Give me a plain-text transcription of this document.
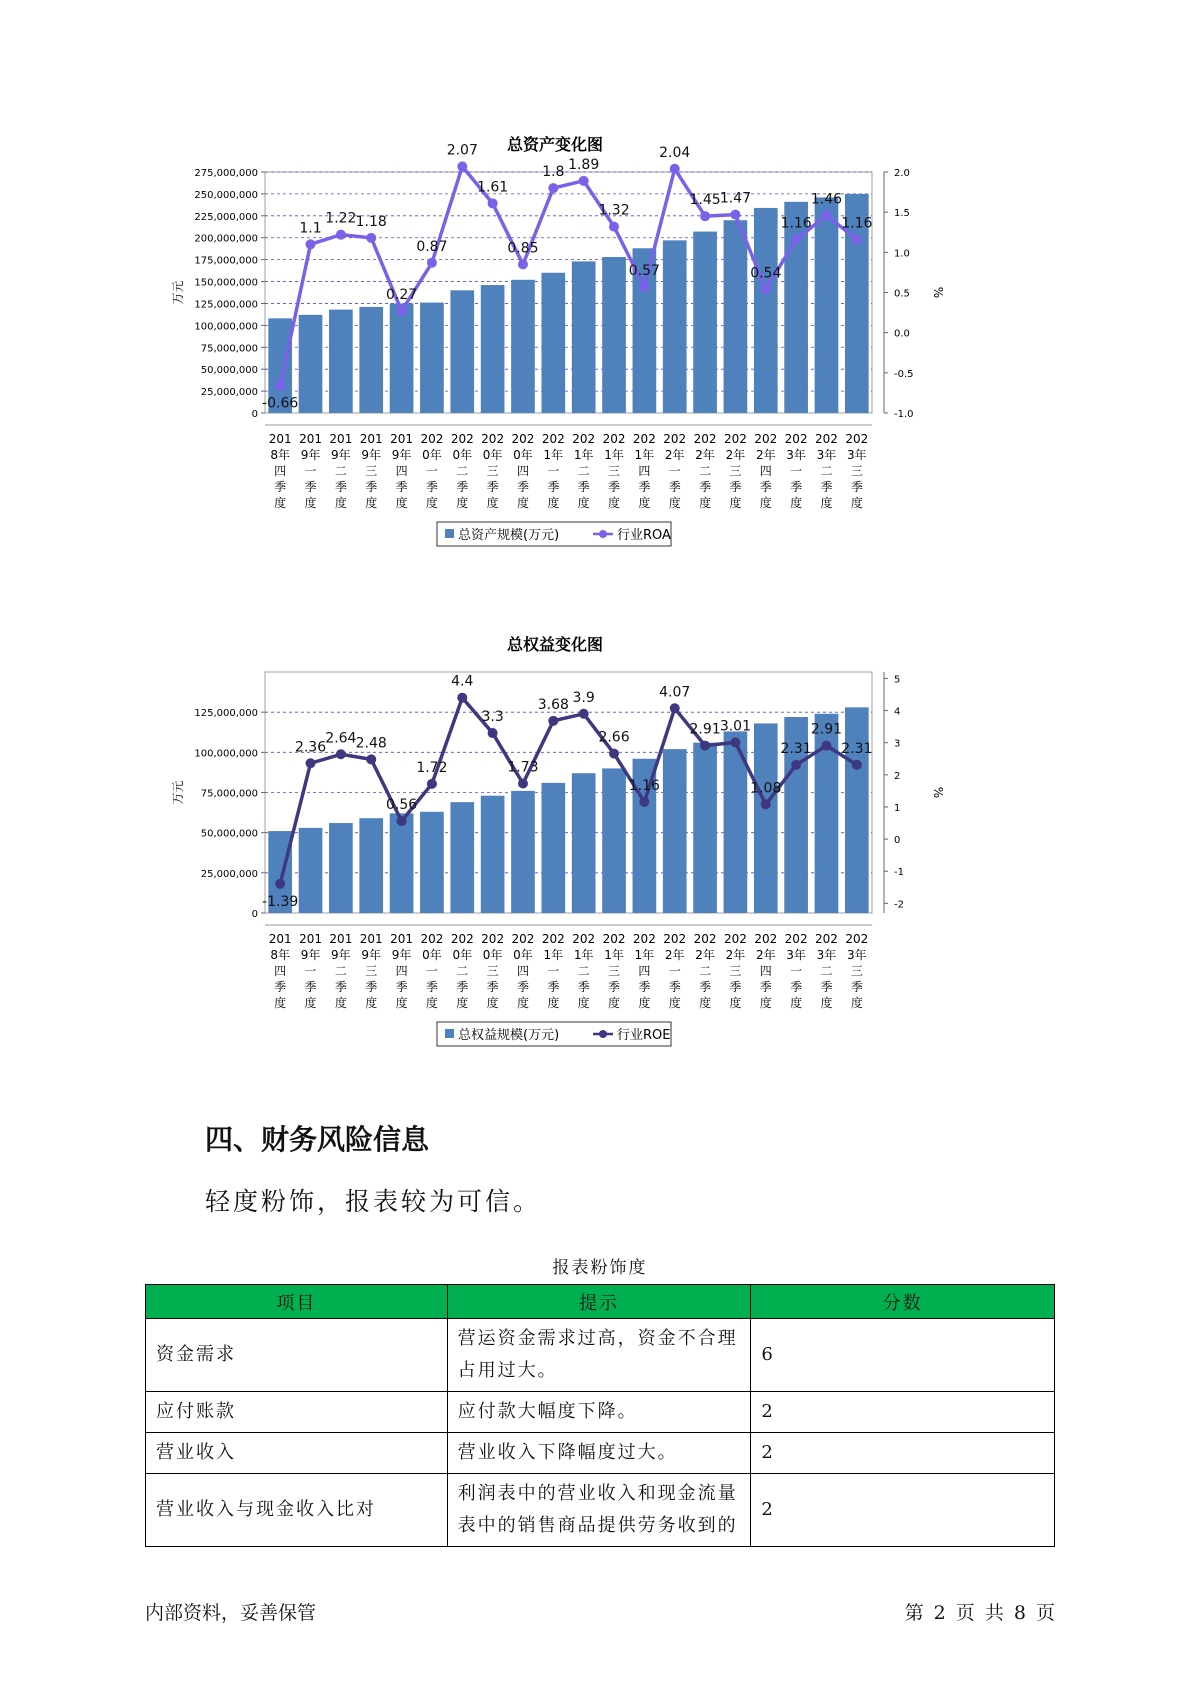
总资产变化图
0
25,000,000
50,000,000
75,000,000
100,000,000
125,000,000
150,000,000
175,000,000
200,000,000
225,000,000
250,000,000
275,000,000
万元
-1.0
-0.5
0.0
0.5
1.0
1.5
2.0
%
-0.66
1.1
1.22 1.18
0.27
0.87
2.07
1.61
0.85
1.8 1.89
1.32
0.57
2.04
1.45 1.47
0.54
1.16
1.46
1.16
201
8年
四
季
度
201
9年
一
季
度
201
9年
二
季
度
201
9年
三
季
度
201
9年
四
季
度
202
0年
一
季
度
202
0年
二
季
度
202
0年
三
季
度
202
0年
四
季
度
202
1年
一
季
度
202
1年
二
季
度
202
1年
三
季
度
202
1年
四
季
度
202
2年
一
季
度
202
2年
二
季
度
202
2年
三
季
度
202
2年
四
季
度
202
3年
一
季
度
202
3年
二
季
度
202
3年
三
季
度
总资产规模(万元)	行业ROA
总权益变化图
0
25,000,000
50,000,000
75,000,000
100,000,000
125,000,000
万元
-2
-1
0
1
2
3
4
5
%
-1.39
2.36
2.64 2.48
0.56
1.72
4.4
3.3
1.73
3.68 3.9
2.66
1.16
4.07
2.91 3.01
1.08
2.31
2.91
2.31
201
8年
四
季
度
201
9年
一
季
度
201
9年
二
季
度
201
9年
三
季
度
201
9年
四
季
度
202
0年
一
季
度
202
0年
二
季
度
202
0年
三
季
度
202
0年
四
季
度
202
1年
一
季
度
202
1年
二
季
度
202
1年
三
季
度
202
1年
四
季
度
202
2年
一
季
度
202
2年
二
季
度
202
2年
三
季
度
202
2年
四
季
度
202
3年
一
季
度
202
3年
二
季
度
202
3年
三
季
度
总权益规模(万元)	行业ROE
四、财务风险信息

轻度粉饰，报表较为可信。

报表粉饰度
项目	提示	分数
资金需求	营运资金需求过高，资金不合理占用过大。	6
应付账款	应付款大幅度下降。	2
营业收入	营业收入下降幅度过大。	2
营业收入与现金收入比对	利润表中的营业收入和现金流量表中的销售商品提供劳务收到的	2
内部资料，妥善保管	第 2 页 共 8 页
